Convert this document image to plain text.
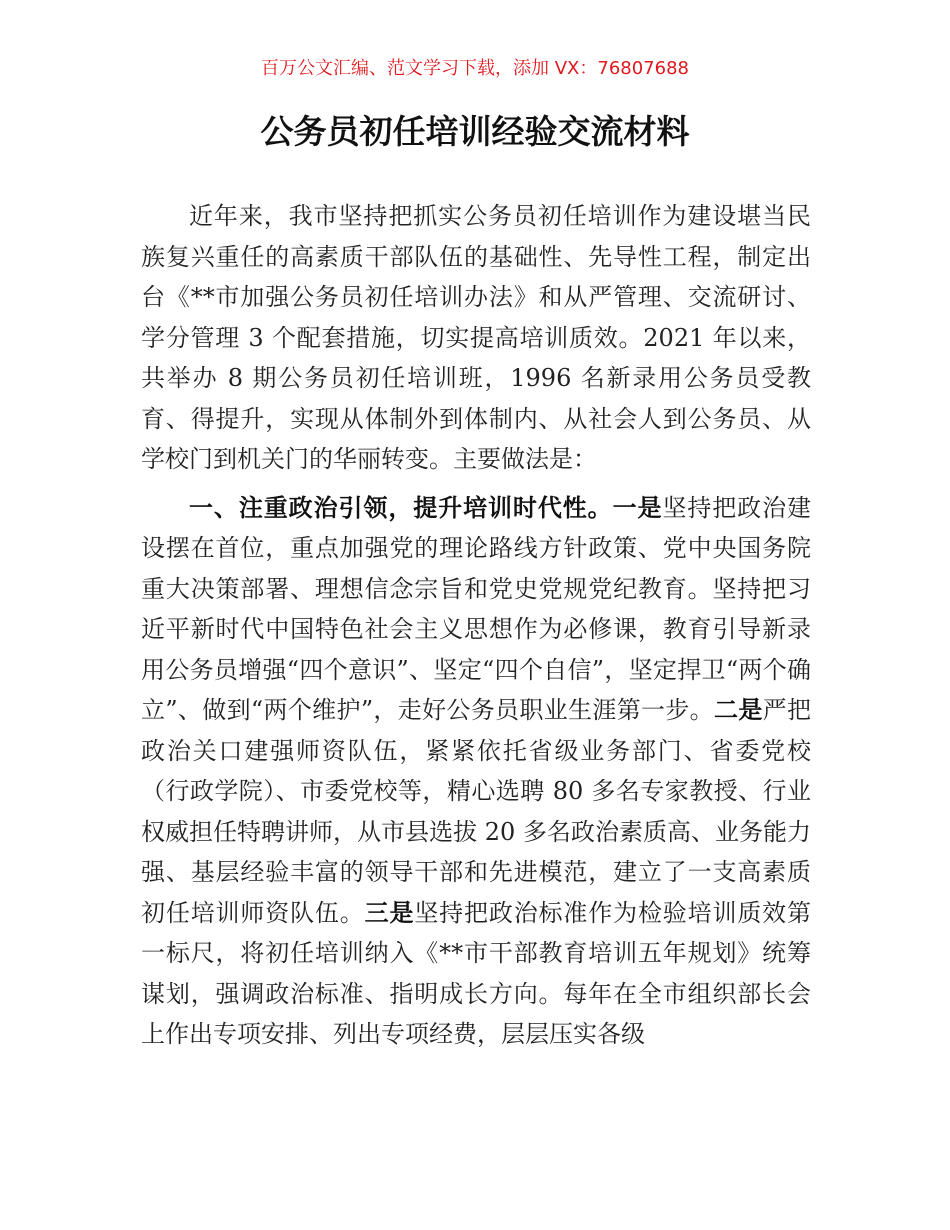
百万公文汇编、范文学习下载，添加 VX：76807688
公务员初任培训经验交流材料

近年来，我市坚持把抓实公务员初任培训作为建设堪当民族复兴重任的高素质干部队伍的基础性、先导性工程，制定出台《**市加强公务员初任培训办法》和从严管理、交流研讨、学分管理 3 个配套措施，切实提高培训质效。2021 年以来，共举办 8 期公务员初任培训班，1996 名新录用公务员受教育、得提升，实现从体制外到体制内、从社会人到公务员、从学校门到机关门的华丽转变。主要做法是：

一、注重政治引领，提升培训时代性。一是坚持把政治建设摆在首位，重点加强党的理论路线方针政策、党中央国务院重大决策部署、理想信念宗旨和党史党规党纪教育。坚持把习近平新时代中国特色社会主义思想作为必修课，教育引导新录用公务员增强“四个意识”、坚定“四个自信”，坚定捍卫“两个确立”、做到“两个维护”，走好公务员职业生涯第一步。二是严把政治关口建强师资队伍，紧紧依托省级业务部门、省委党校（行政学院）、市委党校等，精心选聘 80 多名专家教授、行业权威担任特聘讲师，从市县选拔 20 多名政治素质高、业务能力强、基层经验丰富的领导干部和先进模范，建立了一支高素质初任培训师资队伍。三是坚持把政治标准作为检验培训质效第一标尺，将初任培训纳入《**市干部教育培训五年规划》统筹谋划，强调政治标准、指明成长方向。每年在全市组织部长会上作出专项安排、列出专项经费，层层压实各级
